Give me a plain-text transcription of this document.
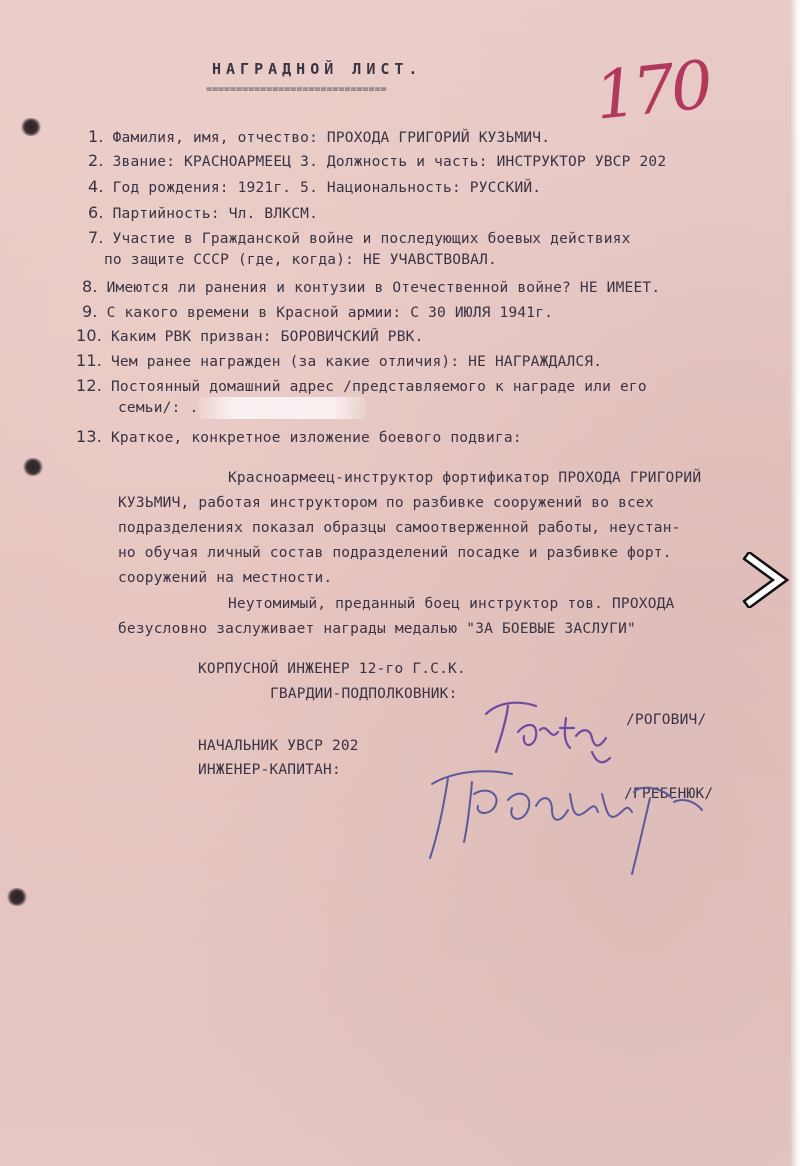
НАГРАДНОЙ ЛИСТ.
==============================	170
1. Фамилия, имя, отчество: ПРОХОДА ГРИГОРИЙ КУЗЬМИЧ.
2. Звание: КРАСНОАРМЕЕЦ 3. Должность и часть: ИНСТРУКТОР УВСР 202
4. Год рождения: 1921г. 5. Национальность: РУССКИЙ.
6. Партийность: Чл. ВЛКСМ.
7. Участие в Гражданской войне и последующих боевых действиях
по защите СССР (где, когда): НЕ УЧАВСТВОВАЛ.
8. Имеются ли ранения и контузии в Отечественной войне? НЕ ИМЕЕТ.
9. С какого времени в Красной армии: С 30 ИЮЛЯ 1941г.
10. Каким РВК призван: БОРОВИЧСКИЙ РВК.
11. Чем ранее награжден (за какие отличия): НЕ НАГРАЖДАЛСЯ.
12. Постоянный домашний адрес /представляемого к награде или его
семьи/: .
13. Краткое, конкретное изложение боевого подвига:
Красноармеец-инструктор фортификатор ПРОХОДА ГРИГОРИЙ
КУЗЬМИЧ, работая инструктором по разбивке сооружений во всех
подразделениях показал образцы самоотверженной работы, неустан-
но обучая личный состав подразделений посадке и разбивке форт.
сооружений на местности.
Неутомимый, преданный боец инструктор тов. ПРОХОДА
безусловно заслуживает награды медалью "ЗА БОЕВЫЕ ЗАСЛУГИ"
КОРПУСНОЙ ИНЖЕНЕР 12-го Г.С.К.
ГВАРДИИ-ПОДПОЛКОВНИК:
/РОГОВИЧ/
НАЧАЛЬНИК УВСР 202
ИНЖЕНЕР-КАПИТАН:
/ГРЕБЕНЮК/
